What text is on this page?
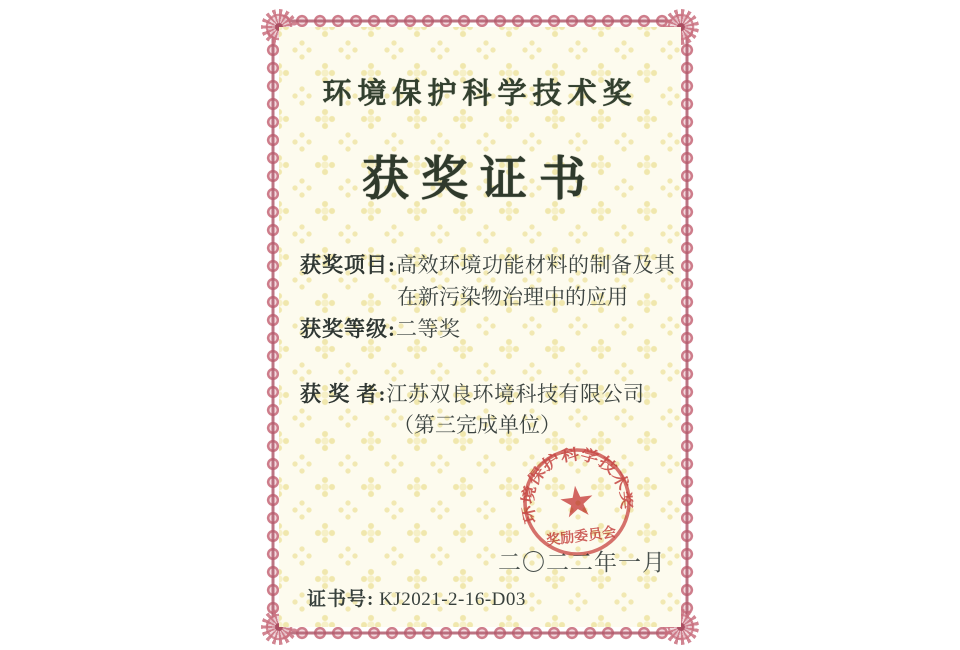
环境保护科学技术奖
获奖证书
获奖项目:高效环境功能材料的制备及其
在新污染物治理中的应用
获奖等级:二等奖
获 奖 者:江苏双良环境科技有限公司
（第三完成单位）
二〇二二年一月
证书号: KJ2021-2-16-D03
环境保护科学技术奖
★
奖励委员会
